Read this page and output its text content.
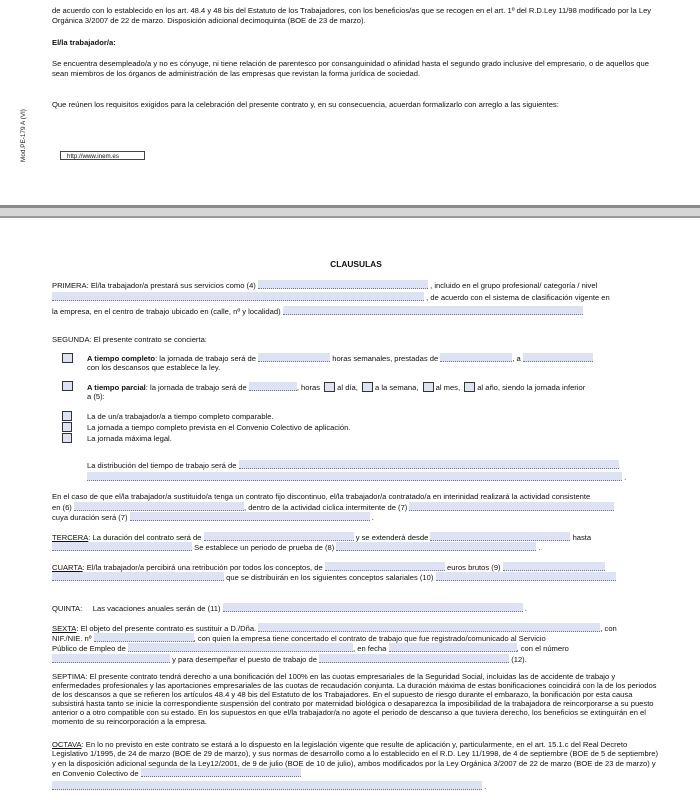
de acuerdo con lo establecido en los art. 48.4 y 48 bis del Estatuto de los Trabajadores, con los beneficios/as que se recogen en el art. 1º del R.D.Ley 11/98 modificado por la Ley Orgánica 3/2007 de 22 de marzo. Disposición adicional decimoquinta (BOE de 23 de marzo).

El/la trabajador/a:

Se encuentra desempleado/a y no es cónyuge, ni tiene relación de parentesco por consanguinidad o afinidad hasta el segundo grado inclusive del empresario, o de aquellos que sean miembros de los órganos de administración de las empresas que revistan la forma jurídica de sociedad.

Que reúnen los requisitos exigidos para la celebración del presente contrato y, en su consecuencia, acuerdan formalizarlo con arreglo a las siguientes:

Mod.PE-179 A (VI)	http://www.inem.es
CLAUSULAS
PRIMERA: El/la trabajador/a prestará sus servicios como (4)	, incluido en el grupo profesional/ categoría / nivel
, de acuerdo con el sistema de clasificación vigente en
la empresa, en el centro de trabajo ubicado en (calle, nº y localidad)
SEGUNDA: El presente contrato se concierta:
A tiempo completo: la jornada de trabajo será de	horas semanales, prestadas de	, a
con los descansos que establece la ley.
A tiempo parcial: la jornada de trabajo será de	, horas al día, a la semana, al mes, al año, siendo la jornada inferior
a (5):
La de un/a trabajador/a a tiempo completo comparable.
La jornada a tiempo completo prevista en el Convenio Colectivo de aplicación.
La jornada máxima legal.
La distribución del tiempo de trabajo será de
.
En el caso de que el/la trabajador/a sustituido/a tenga un contrato fijo discontinuo, el/la trabajador/a contratado/a en interinidad realizará la actividad consistente
en (6)	, dentro de la actividad cíclica intermitente de (7)
cuya duración será (7)	.
TERCERA: La duración del contrato será de	y se extenderá desde	hasta
Se establece un periodo de prueba de (8)	.
CUARTA: El/la trabajador/a percibirá una retribución por todos los conceptos, de	euros brutos (9)
que se distribuirán en los siguientes conceptos salariales (10)
QUINTA: Las vacaciones anuales serán de (11)	.
SEXTA: El objeto del presente contrato es sustituir a D./Dña.	, con
NIF./NIE. nº	, con quien la empresa tiene concertado el contrato de trabajo que fue registrado/comunicado al Servicio
Público de Empleo de	, en fecha	, con el número
y para desempeñar el puesto de trabajo de	(12).

SEPTIMA: El presente contrato tendrá derecho a una bonificación del 100% en las cuotas empresariales de la Seguridad Social, incluidas las de accidente de trabajo y enfermedades profesionales y las aportaciones empresariales de las cuotas de recaudación conjunta. La duración máxima de estas bonificaciones coincidirá con la de los periodos de los descansos a que se refieren los artículos 48.4 y 48 bis del Estatuto de los Trabajadores. En el supuesto de riesgo durante el embarazo, la bonificación por esta causa subsistirá hasta tanto se inicie la correspondiente suspensión del contrato por maternidad biológica o desaparezca la imposibilidad de la trabajadora de reincorporarse a su puesto anterior o a otro compatible con su estado. En los supuestos en que el/la trabajador/a no agote el periodo de descanso a que tuviera derecho, los beneficios se extinguirán en el momento de su reincorporación a la empresa.

OCTAVA: En lo no previsto en este contrato se estará a lo dispuesto en la legislación vigente que resulte de aplicación y, particularmente, en el art. 15.1.c del Real Decreto Legislativo 1/1995, de 24 de marzo (BOE de 29 de marzo), y sus normas de desarrollo como a lo establecido en el R.D. Ley 11/1998, de 4 de septiembre (BOE de 5 de septiembre) y en la disposición adicional segunda de la Ley12/2001, de 9 de julio (BOE de 10 de julio), ambos modificados por la Ley Orgánica 3/2007 de 22 de marzo (BOE de 23 de marzo) y en Convenio Colectivo de

.
